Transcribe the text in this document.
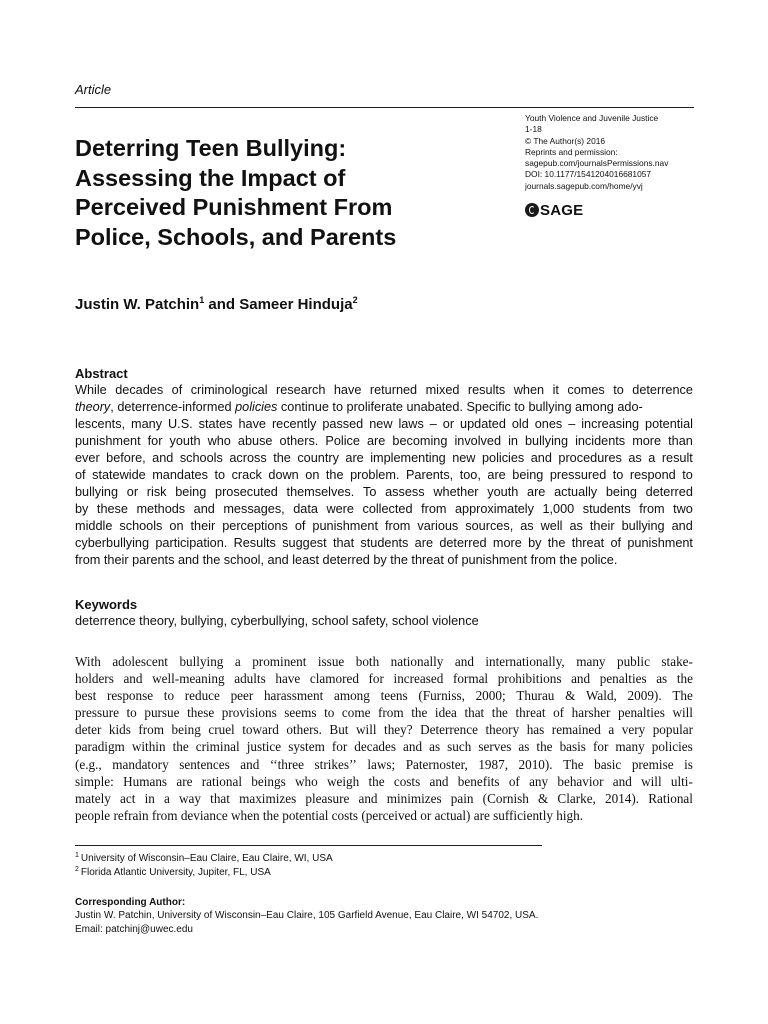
Article
Youth Violence and Juvenile Justice
1-18
© The Author(s) 2016
Reprints and permission:
sagepub.com/journalsPermissions.nav
DOI: 10.1177/1541204016681057
journals.sagepub.com/home/yvj
SAGE
Deterring Teen Bullying:
Assessing the Impact of
Perceived Punishment From
Police, Schools, and Parents
Justin W. Patchin$^1$ and Sameer Hinduja$^2$
Abstract
While decades of criminological research have returned mixed results when it comes to deterrence
theory, deterrence-informed policies continue to proliferate unabated. Specific to bullying among ado-
lescents, many U.S. states have recently passed new laws – or updated old ones – increasing potential
punishment for youth who abuse others. Police are becoming involved in bullying incidents more than
ever before, and schools across the country are implementing new policies and procedures as a result
of statewide mandates to crack down on the problem. Parents, too, are being pressured to respond to
bullying or risk being prosecuted themselves. To assess whether youth are actually being deterred
by these methods and messages, data were collected from approximately 1,000 students from two
middle schools on their perceptions of punishment from various sources, as well as their bullying and
cyberbullying participation. Results suggest that students are deterred more by the threat of punishment
from their parents and the school, and least deterred by the threat of punishment from the police.
Keywords
deterrence theory, bullying, cyberbullying, school safety, school violence
With adolescent bullying a prominent issue both nationally and internationally, many public stake-
holders and well-meaning adults have clamored for increased formal prohibitions and penalties as the
best response to reduce peer harassment among teens (Furniss, 2000; Thurau & Wald, 2009). The
pressure to pursue these provisions seems to come from the idea that the threat of harsher penalties will
deter kids from being cruel toward others. But will they? Deterrence theory has remained a very popular
paradigm within the criminal justice system for decades and as such serves as the basis for many policies
(e.g., mandatory sentences and ‘‘three strikes’’ laws; Paternoster, 1987, 2010). The basic premise is
simple: Humans are rational beings who weigh the costs and benefits of any behavior and will ulti-
mately act in a way that maximizes pleasure and minimizes pain (Cornish & Clarke, 2014). Rational
people refrain from deviance when the potential costs (perceived or actual) are sufficiently high.
$^1$ University of Wisconsin–Eau Claire, Eau Claire, WI, USA
$^2$ Florida Atlantic University, Jupiter, FL, USA
Corresponding Author:
Justin W. Patchin, University of Wisconsin–Eau Claire, 105 Garfield Avenue, Eau Claire, WI 54702, USA.
Email: patchinj@uwec.edu
